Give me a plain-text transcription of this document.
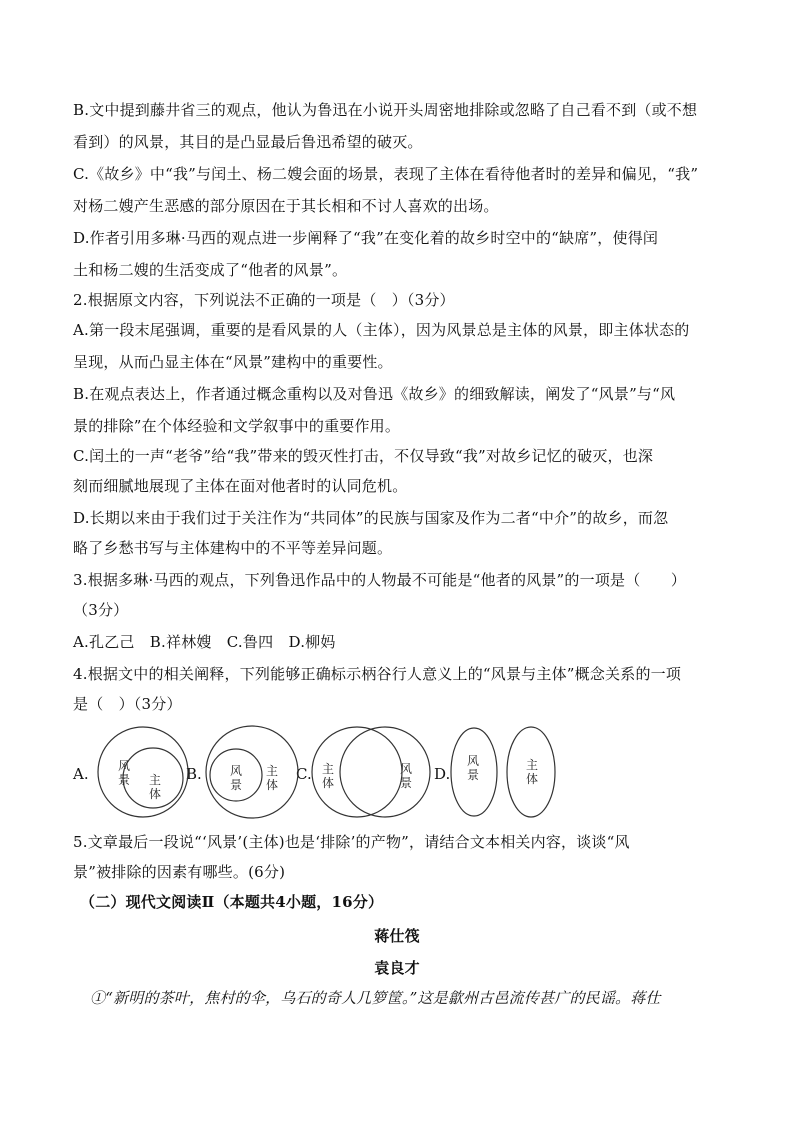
B.文中提到藤井省三的观点，他认为鲁迅在小说开头周密地排除或忽略了自己看不到（或不想
看到）的风景，其目的是凸显最后鲁迅希望的破灭。
C.《故乡》中“我”与闰土、杨二嫂会面的场景，表现了主体在看待他者时的差异和偏见，“我”
对杨二嫂产生恶感的部分原因在于其长相和不讨人喜欢的出场。
D.作者引用多琳·马西的观点进一步阐释了“我”在变化着的故乡时空中的“缺席”，使得闰
土和杨二嫂的生活变成了“他者的风景”。
2.根据原文内容，下列说法不正确的一项是（　）（3分）
A.第一段末尾强调，重要的是看风景的人（主体），因为风景总是主体的风景，即主体状态的
呈现，从而凸显主体在“风景”建构中的重要性。
B.在观点表达上，作者通过概念重构以及对鲁迅《故乡》的细致解读，阐发了“风景”与“风
景的排除”在个体经验和文学叙事中的重要作用。
C.闰土的一声“老爷”给“我”带来的毁灭性打击，不仅导致“我”对故乡记忆的破灭，也深
刻而细腻地展现了主体在面对他者时的认同危机。
D.长期以来由于我们过于关注作为“共同体”的民族与国家及作为二者“中介”的故乡，而忽
略了乡愁书写与主体建构中的不平等差异问题。
3.根据多琳·马西的观点，下列鲁迅作品中的人物最不可能是“他者的风景”的一项是（　　）
（3分）
A.孔乙己　B.祥林嫂　C.鲁四　D.柳妈
4.根据文中的相关阐释，下列能够正确标示柄谷行人意义上的“风景与主体”概念关系的一项
是（　）（3分）
A.	B.	C.	D.
风
景 主
体
风
景
主
体
主
体
风
景
风
景
主
体
5.文章最后一段说“‘风景’(主体)也是‘排除’的产物”，请结合文本相关内容，谈谈“风
景”被排除的因素有哪些。(6分)
（二）现代文阅读Ⅱ（本题共4小题，16分）
蒋仕筏
袁良才
①“新明的茶叶，焦村的伞，乌石的奇人几箩筐。”这是歙州古邑流传甚广的民谣。蒋仕
